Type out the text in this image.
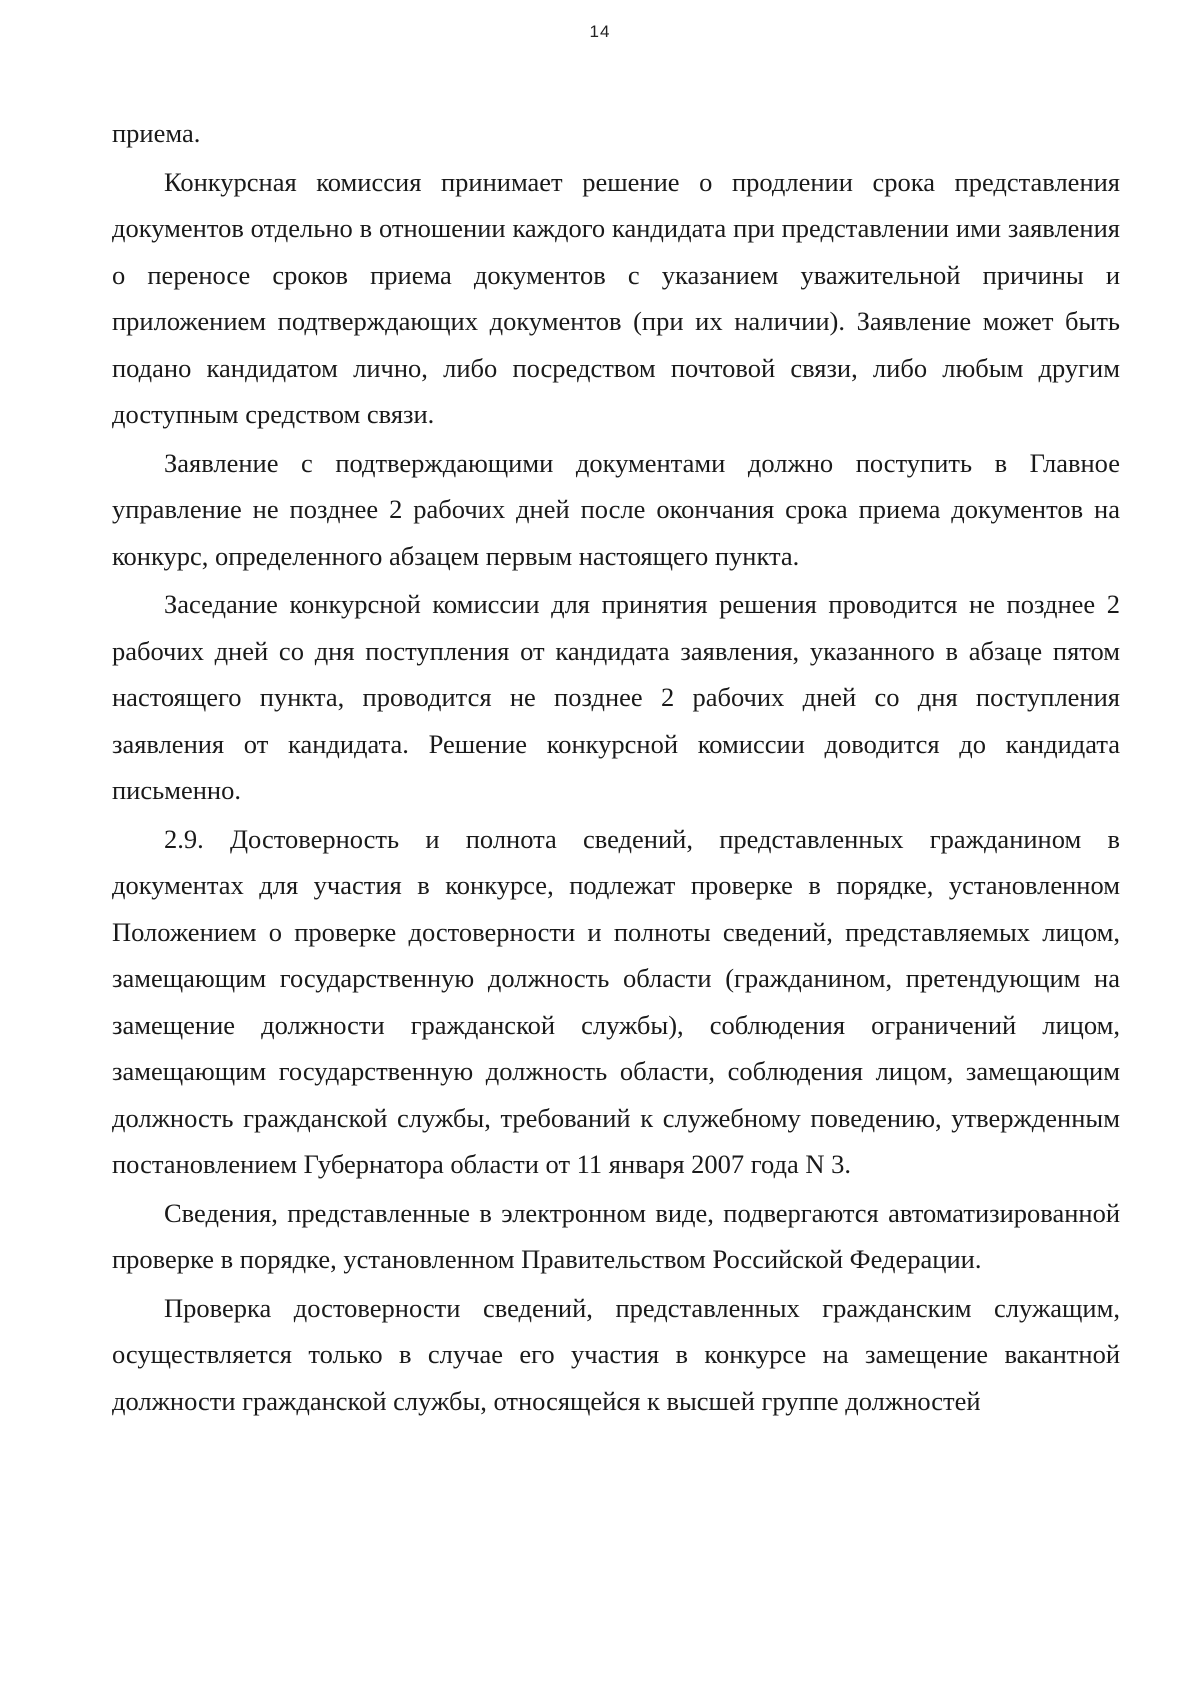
14

приема.

Конкурсная комиссия принимает решение о продлении срока представления документов отдельно в отношении каждого кандидата при представлении ими заявления о переносе сроков приема документов с указанием уважительной причины и приложением подтверждающих документов (при их наличии). Заявление может быть подано кандидатом лично, либо посредством почтовой связи, либо любым другим доступным средством связи.

Заявление с подтверждающими документами должно поступить в Главное управление не позднее 2 рабочих дней после окончания срока приема документов на конкурс, определенного абзацем первым настоящего пункта.

Заседание конкурсной комиссии для принятия решения проводится не позднее 2 рабочих дней со дня поступления от кандидата заявления, указанного в абзаце пятом настоящего пункта, проводится не позднее 2 рабочих дней со дня поступления заявления от кандидата. Решение конкурсной комиссии доводится до кандидата письменно.

2.9. Достоверность и полнота сведений, представленных гражданином в документах для участия в конкурсе, подлежат проверке в порядке, установленном Положением о проверке достоверности и полноты сведений, представляемых лицом, замещающим государственную должность области (гражданином, претендующим на замещение должности гражданской службы), соблюдения ограничений лицом, замещающим государственную должность области, соблюдения лицом, замещающим должность гражданской службы, требований к служебному поведению, утвержденным постановлением Губернатора области от 11 января 2007 года N 3.

Сведения, представленные в электронном виде, подвергаются автоматизированной проверке в порядке, установленном Правительством Российской Федерации.

Проверка достоверности сведений, представленных гражданским служащим, осуществляется только в случае его участия в конкурсе на замещение вакантной должности гражданской службы, относящейся к высшей группе должностей
